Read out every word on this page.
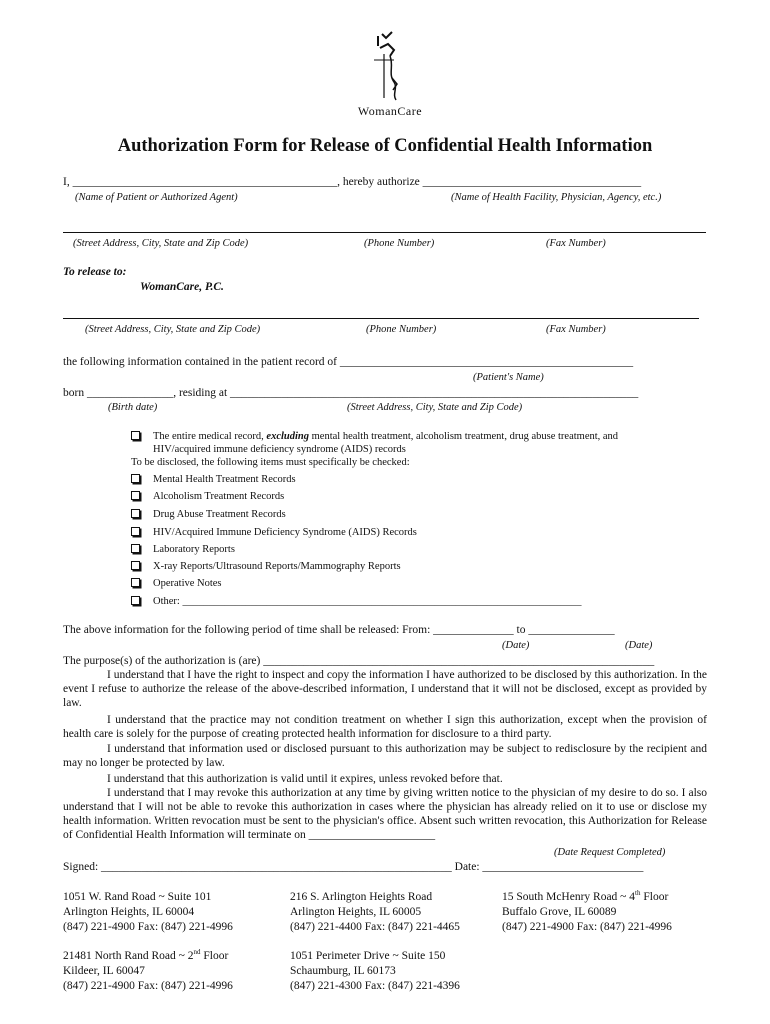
WomanCare
Authorization Form for Release of Confidential Health Information
I, ______________________________________________, hereby authorize ______________________________________
(Name of Patient or Authorized Agent)	(Name of Health Facility, Physician, Agency, etc.)
(Street Address, City, State and Zip Code)	(Phone Number)	(Fax Number)
To release to:
WomanCare, P.C.
(Street Address, City, State and Zip Code)	(Phone Number)	(Fax Number)
the following information contained in the patient record of ___________________________________________________
(Patient's Name)
born _______________, residing at _______________________________________________________________________
(Birth date)	(Street Address, City, State and Zip Code)
The entire medical record, excluding mental health treatment, alcoholism treatment, drug abuse treatment, and
HIV/acquired immune deficiency syndrome (AIDS) records
To be disclosed, the following items must specifically be checked:
Mental Health Treatment Records
Alcoholism Treatment Records
Drug Abuse Treatment Records
HIV/Acquired Immune Deficiency Syndrome (AIDS) Records
Laboratory Reports
X-ray Reports/Ultrasound Reports/Mammography Reports
Operative Notes
Other: ____________________________________________________________________________
The above information for the following period of time shall be released: From: ______________ to _______________
(Date)	(Date)
The purpose(s) of the authorization is (are) ____________________________________________________________________
I understand that I have the right to inspect and copy the information I have authorized to be disclosed by this authorization. In the event I refuse to authorize the release of the above-described information, I understand that it will not be disclosed, except as provided by law.
I understand that the practice may not condition treatment on whether I sign this authorization, except when the provision of health care is solely for the purpose of creating protected health information for disclosure to a third party.
I understand that information used or disclosed pursuant to this authorization may be subject to redisclosure by the recipient and may no longer be protected by law.
I understand that this authorization is valid until it expires, unless revoked before that.
I understand that I may revoke this authorization at any time by giving written notice to the physician of my desire to do so. I also understand that I will not be able to revoke this authorization in cases where the physician has already relied on it to use or disclose my health information. Written revocation must be sent to the physician's office. Absent such written revocation, this Authorization for Release of Confidential Health Information will terminate on ______________________
(Date Request Completed)
Signed: _____________________________________________________________ Date: ____________________________
1051 W. Rand Road ~ Suite 101
Arlington Heights, IL 60004
(847) 221-4900 Fax: (847) 221-4996
216 S. Arlington Heights Road
Arlington Heights, IL 60005
(847) 221-4400 Fax: (847) 221-4465
15 South McHenry Road ~ 4th Floor
Buffalo Grove, IL 60089
(847) 221-4900 Fax: (847) 221-4996
21481 North Rand Road ~ 2nd Floor
Kildeer, IL 60047
(847) 221-4900 Fax: (847) 221-4996
1051 Perimeter Drive ~ Suite 150
Schaumburg, IL 60173
(847) 221-4300 Fax: (847) 221-4396
